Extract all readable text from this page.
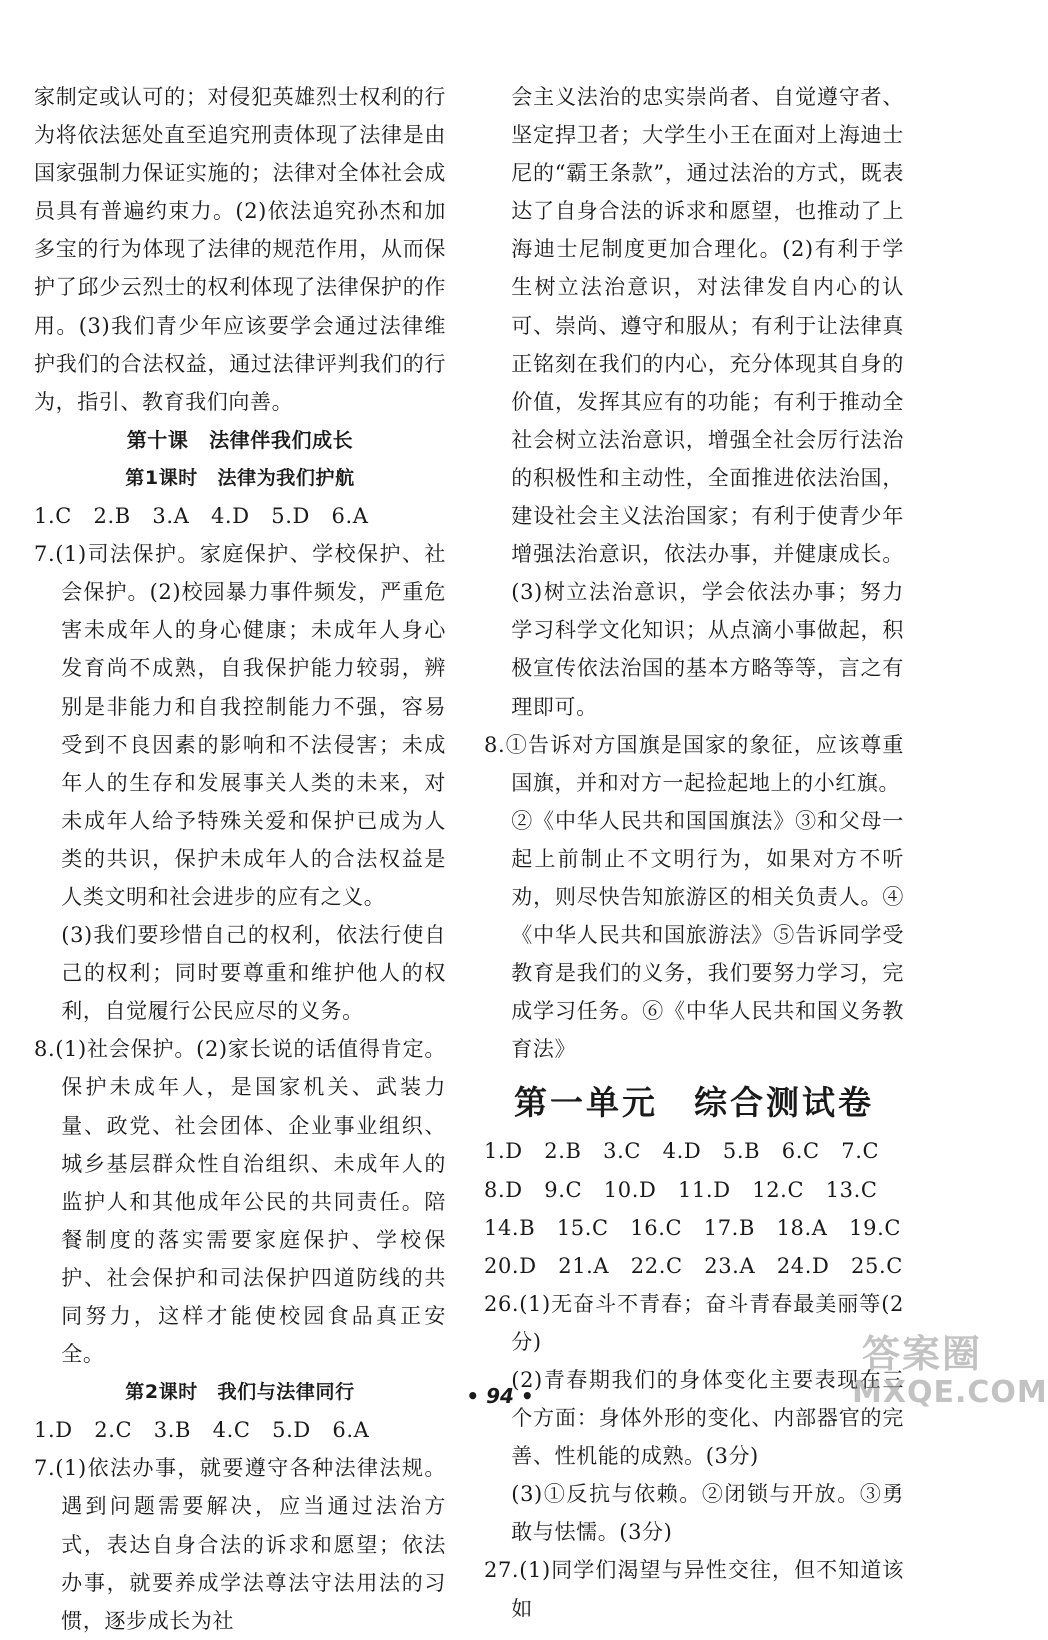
家制定或认可的；对侵犯英雄烈士权利的行为将依法惩处直至追究刑责体现了法律是由国家强制力保证实施的；法律对全体社会成员具有普遍约束力。(2)依法追究孙杰和加多宝的行为体现了法律的规范作用，从而保护了邱少云烈士的权利体现了法律保护的作用。(3)我们青少年应该要学会通过法律维护我们的合法权益，通过法律评判我们的行为，指引、教育我们向善。

第十课　法律伴我们成长
第1课时　法律为我们护航

1.C　2.B　3.A　4.D　5.D　6.A

7.(1)司法保护。家庭保护、学校保护、社会保护。(2)校园暴力事件频发，严重危害未成年人的身心健康；未成年人身心发育尚不成熟，自我保护能力较弱，辨别是非能力和自我控制能力不强，容易受到不良因素的影响和不法侵害；未成年人的生存和发展事关人类的未来，对未成年人给予特殊关爱和保护已成为人类的共识，保护未成年人的合法权益是人类文明和社会进步的应有之义。

(3)我们要珍惜自己的权利，依法行使自己的权利；同时要尊重和维护他人的权利，自觉履行公民应尽的义务。

8.(1)社会保护。(2)家长说的话值得肯定。保护未成年人，是国家机关、武装力量、政党、社会团体、企业事业组织、城乡基层群众性自治组织、未成年人的监护人和其他成年公民的共同责任。陪餐制度的落实需要家庭保护、学校保护、社会保护和司法保护四道防线的共同努力，这样才能使校园食品真正安全。

第2课时　我们与法律同行

1.D　2.C　3.B　4.C　5.D　6.A

7.(1)依法办事，就要遵守各种法律法规。遇到问题需要解决，应当通过法治方式，表达自身合法的诉求和愿望；依法办事，就要养成学法尊法守法用法的习惯，逐步成长为社

会主义法治的忠实崇尚者、自觉遵守者、坚定捍卫者；大学生小王在面对上海迪士尼的“霸王条款”，通过法治的方式，既表达了自身合法的诉求和愿望，也推动了上海迪士尼制度更加合理化。(2)有利于学生树立法治意识，对法律发自内心的认可、崇尚、遵守和服从；有利于让法律真正铭刻在我们的内心，充分体现其自身的价值，发挥其应有的功能；有利于推动全社会树立法治意识，增强全社会厉行法治的积极性和主动性，全面推进依法治国，建设社会主义法治国家；有利于使青少年增强法治意识，依法办事，并健康成长。(3)树立法治意识，学会依法办事；努力学习科学文化知识；从点滴小事做起，积极宣传依法治国的基本方略等等，言之有理即可。

8.①告诉对方国旗是国家的象征，应该尊重国旗，并和对方一起捡起地上的小红旗。

②《中华人民共和国国旗法》③和父母一起上前制止不文明行为，如果对方不听劝，则尽快告知旅游区的相关负责人。④《中华人民共和国旅游法》⑤告诉同学受教育是我们的义务，我们要努力学习，完成学习任务。⑥《中华人民共和国义务教育法》

第一单元　综合测试卷

1.D　2.B　3.C　4.D　5.B　6.C　7.C

8.D　9.C　10.D　11.D　12.C　13.C

14.B　15.C　16.C　17.B　18.A　19.C

20.D　21.A　22.C　23.A　24.D　25.C

26.(1)无奋斗不青春；奋斗青春最美丽等(2分)

(2)青春期我们的身体变化主要表现在三个方面：身体外形的变化、内部器官的完善、性机能的成熟。(3分)

(3)①反抗与依赖。②闭锁与开放。③勇敢与怯懦。(3分)

27.(1)同学们渴望与异性交往，但不知道该如

• 94 •
答案圈
MXQE.COM
